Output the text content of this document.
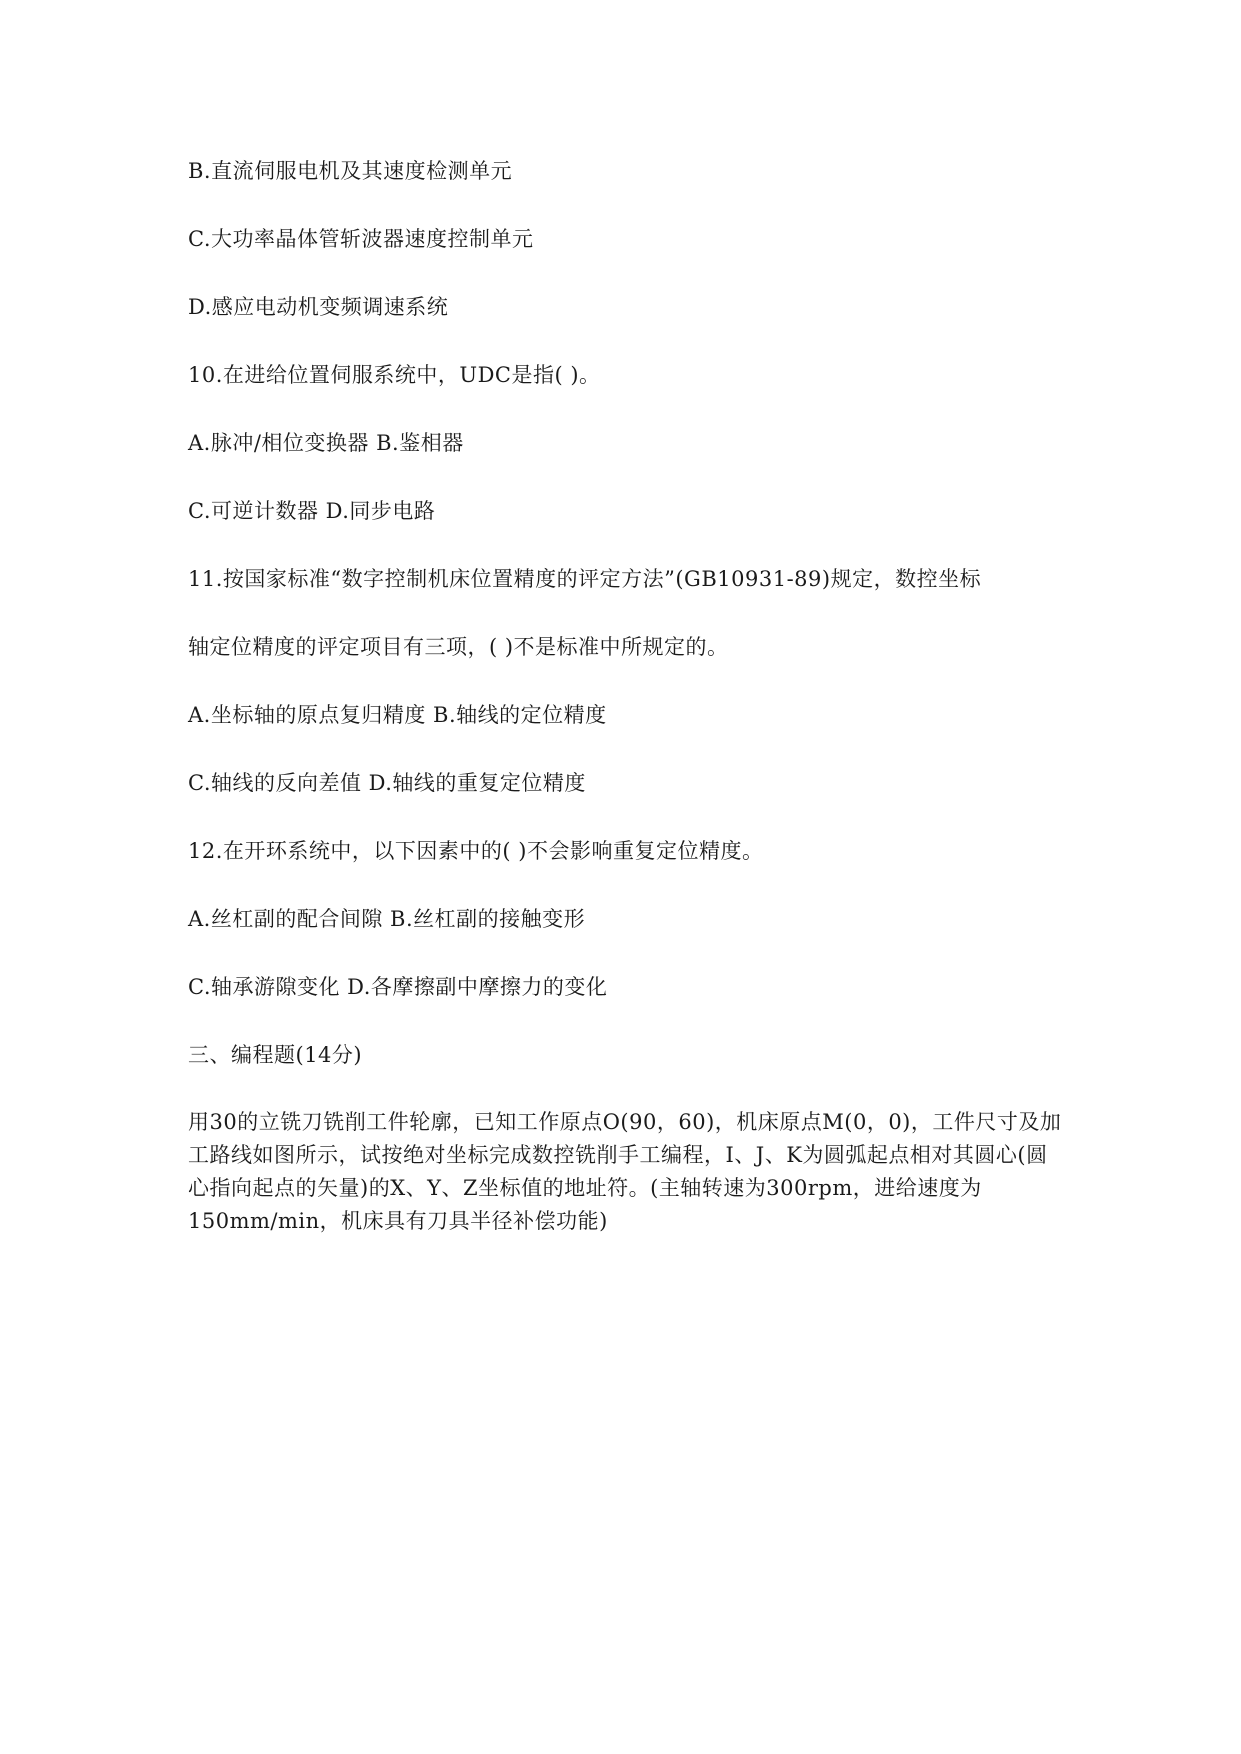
B.直流伺服电机及其速度检测单元
C.大功率晶体管斩波器速度控制单元
D.感应电动机变频调速系统
10.在进给位置伺服系统中，UDC是指( )。
A.脉冲/相位变换器 B.鉴相器
C.可逆计数器 D.同步电路
11.按国家标准“数字控制机床位置精度的评定方法”(GB10931-89)规定，数控坐标
轴定位精度的评定项目有三项，( )不是标准中所规定的。
A.坐标轴的原点复归精度 B.轴线的定位精度
C.轴线的反向差值 D.轴线的重复定位精度
12.在开环系统中，以下因素中的( )不会影响重复定位精度。
A.丝杠副的配合间隙 B.丝杠副的接触变形
C.轴承游隙变化 D.各摩擦副中摩擦力的变化
三、编程题(14分)
用30的立铣刀铣削工件轮廓，已知工作原点O(90，60)，机床原点M(0，0)，工件尺寸及加
工路线如图所示，试按绝对坐标完成数控铣削手工编程，I、J、K为圆弧起点相对其圆心(圆
心指向起点的矢量)的X、Y、Z坐标值的地址符。(主轴转速为300rpm，进给速度为
150mm/min，机床具有刀具半径补偿功能)
